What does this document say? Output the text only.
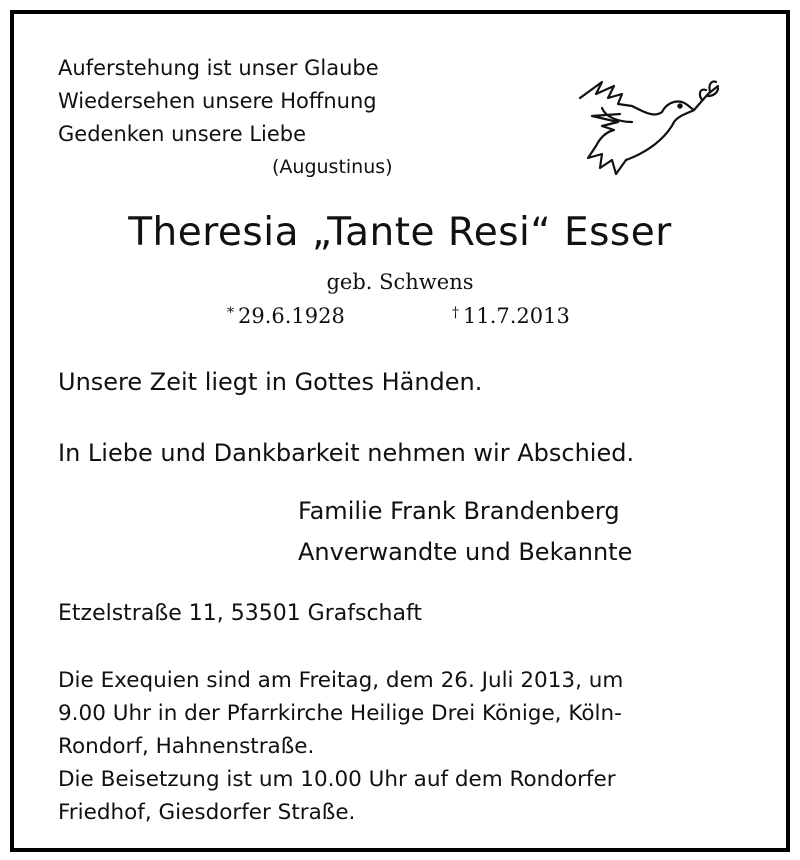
Auferstehung ist unser Glaube
Wiedersehen unsere Hoffnung
Gedenken unsere Liebe
(Augustinus)
Theresia „Tante Resi“ Esser
geb. Schwens
* 29.6.1928	† 11.7.2013
Unsere Zeit liegt in Gottes Händen.
In Liebe und Dankbarkeit nehmen wir Abschied.
Familie Frank Brandenberg
Anverwandte und Bekannte
Etzelstraße 11, 53501 Grafschaft
Die Exequien sind am Freitag, dem 26. Juli 2013, um
9.00 Uhr in der Pfarrkirche Heilige Drei Könige, Köln-
Rondorf, Hahnenstraße.
Die Beisetzung ist um 10.00 Uhr auf dem Rondorfer
Friedhof, Giesdorfer Straße.
